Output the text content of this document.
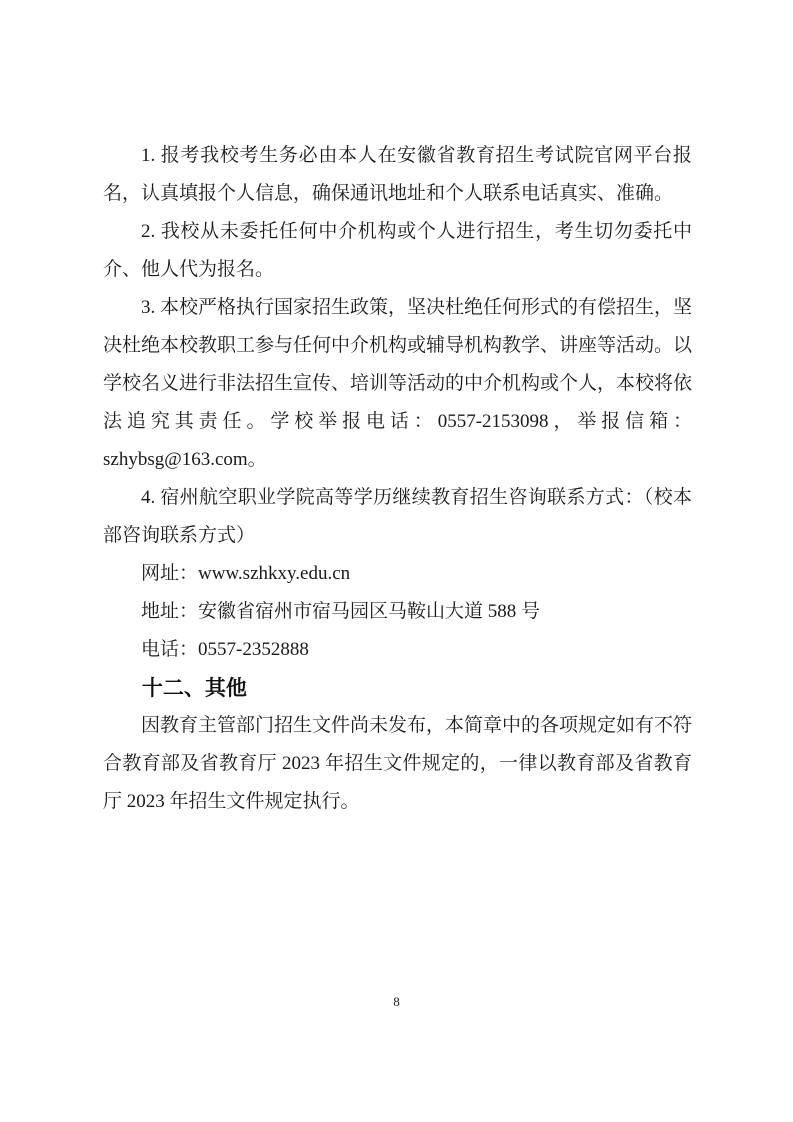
1. 报考我校考生务必由本人在安徽省教育招生考试院官网平台报名，认真填报个人信息，确保通讯地址和个人联系电话真实、准确。

2. 我校从未委托任何中介机构或个人进行招生，考生切勿委托中介、他人代为报名。

3. 本校严格执行国家招生政策，坚决杜绝任何形式的有偿招生，坚决杜绝本校教职工参与任何中介机构或辅导机构教学、讲座等活动。以学校名义进行非法招生宣传、培训等活动的中介机构或个人，本校将依法追究其责任。学校举报电话：0557-2153098，举报信箱：szhybsg@163.com。

4. 宿州航空职业学院高等学历继续教育招生咨询联系方式：（校本部咨询联系方式）

网址：www.szhkxy.edu.cn

地址：安徽省宿州市宿马园区马鞍山大道 588 号

电话：0557-2352888

十二、其他

因教育主管部门招生文件尚未发布，本简章中的各项规定如有不符合教育部及省教育厅 2023 年招生文件规定的，一律以教育部及省教育厅 2023 年招生文件规定执行。

8
